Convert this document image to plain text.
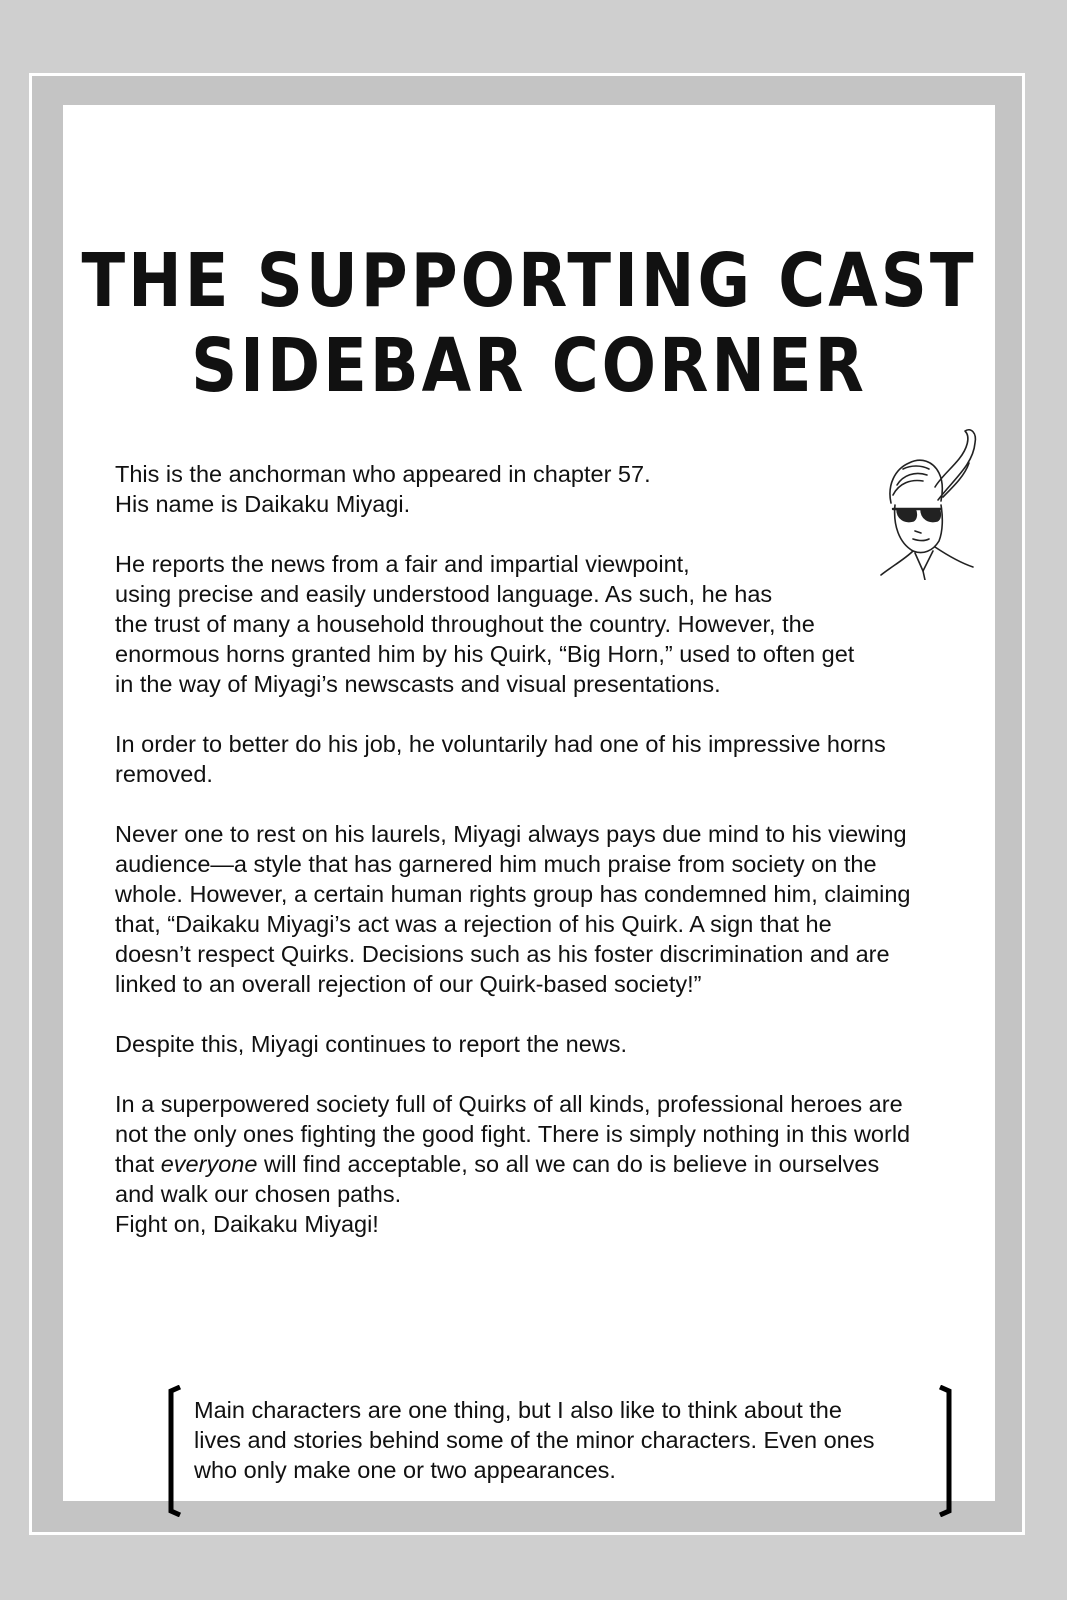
THE SUPPORTING CAST
SIDEBAR CORNER

This is the anchorman who appeared in chapter 57.
His name is Daikaku Miyagi.

He reports the news from a fair and impartial viewpoint,
using precise and easily understood language. As such, he has
the trust of many a household throughout the country. However, the
enormous horns granted him by his Quirk, “Big Horn,” used to often get
in the way of Miyagi’s newscasts and visual presentations.

In order to better do his job, he voluntarily had one of his impressive horns
removed.

Never one to rest on his laurels, Miyagi always pays due mind to his viewing
audience—a style that has garnered him much praise from society on the
whole. However, a certain human rights group has condemned him, claiming
that, “Daikaku Miyagi’s act was a rejection of his Quirk. A sign that he
doesn’t respect Quirks. Decisions such as his foster discrimination and are
linked to an overall rejection of our Quirk-based society!”

Despite this, Miyagi continues to report the news.

In a superpowered society full of Quirks of all kinds, professional heroes are
not the only ones fighting the good fight. There is simply nothing in this world
that everyone will find acceptable, so all we can do is believe in ourselves
and walk our chosen paths.
Fight on, Daikaku Miyagi!

Main characters are one thing, but I also like to think about the
lives and stories behind some of the minor characters. Even ones
who only make one or two appearances.
